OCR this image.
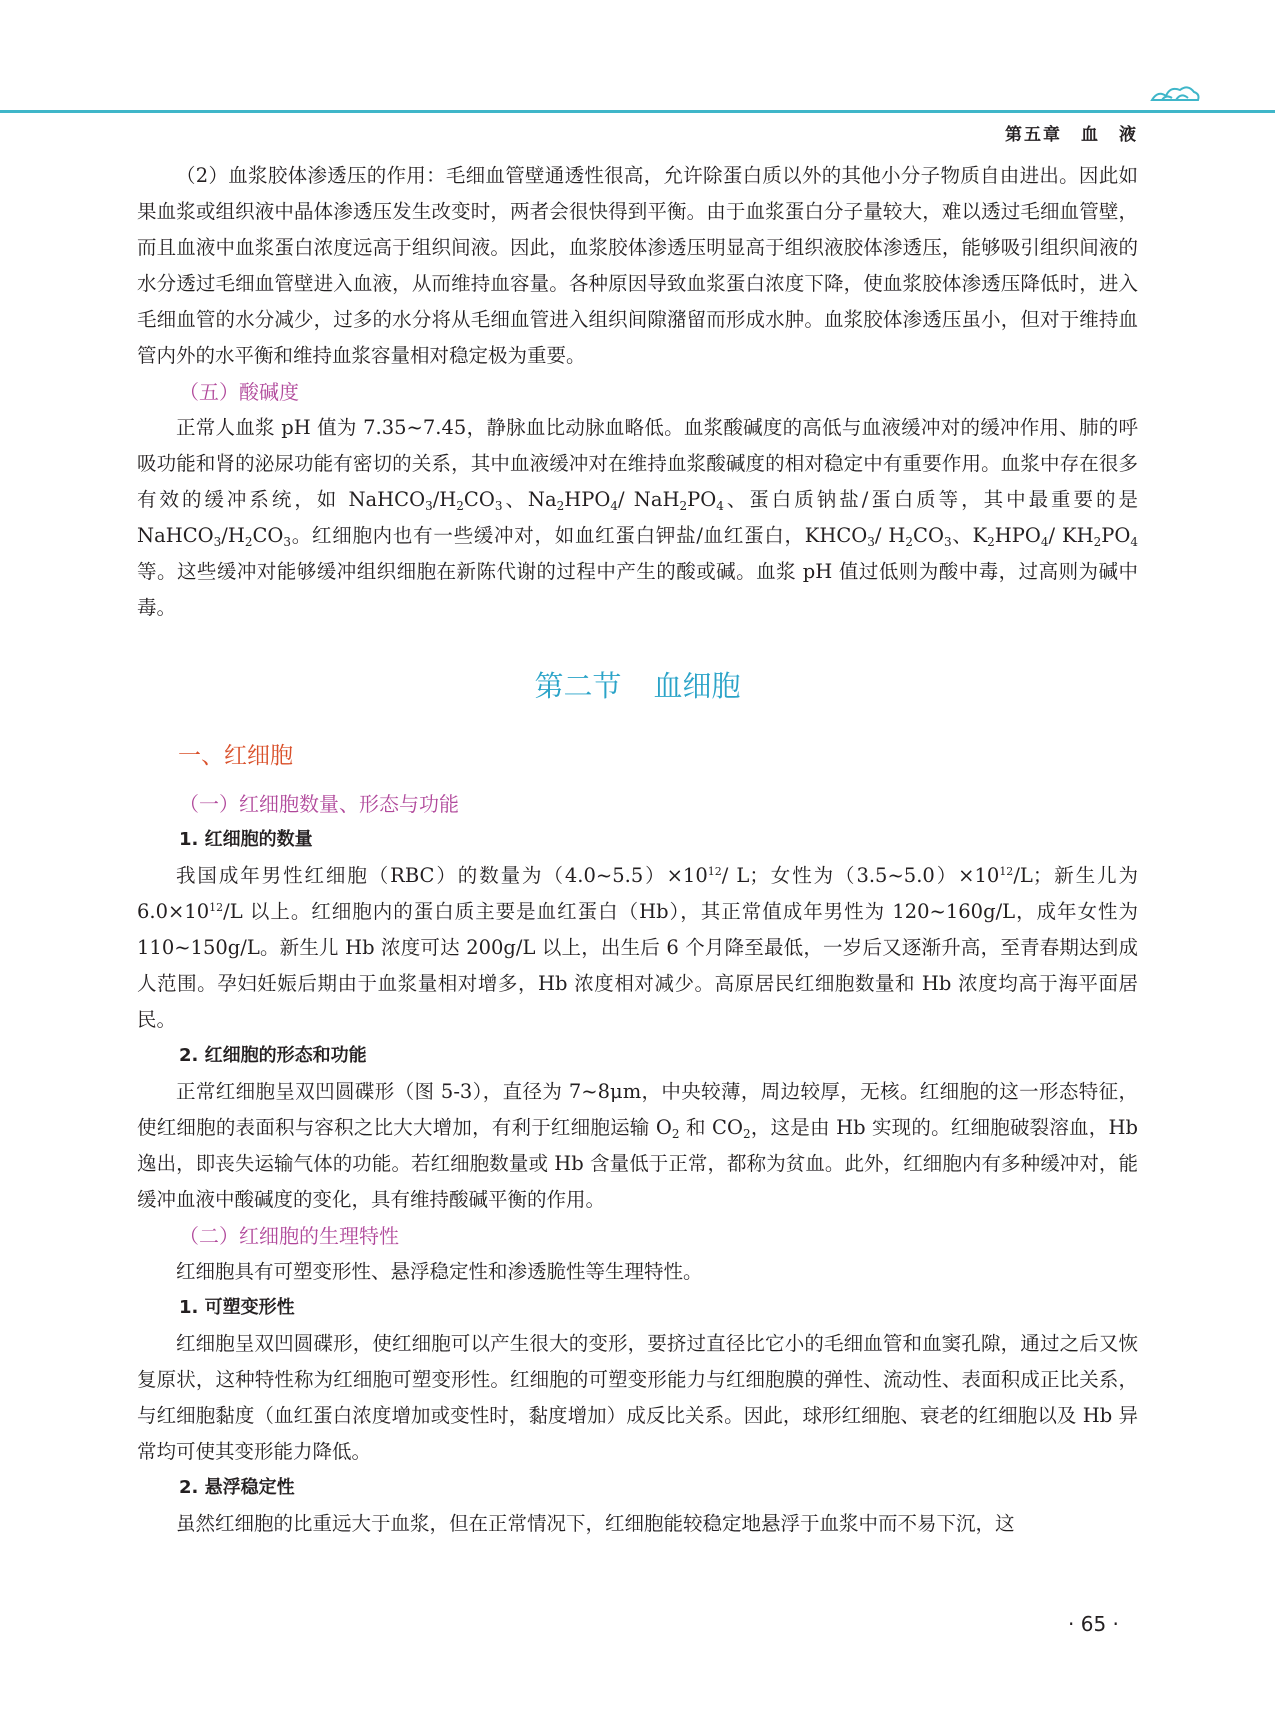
第五章　血　液

（2）血浆胶体渗透压的作用：毛细血管壁通透性很高，允许除蛋白质以外的其他小分子物质自由进出。因此如果血浆或组织液中晶体渗透压发生改变时，两者会很快得到平衡。由于血浆蛋白分子量较大，难以透过毛细血管壁，而且血液中血浆蛋白浓度远高于组织间液。因此，血浆胶体渗透压明显高于组织液胶体渗透压，能够吸引组织间液的水分透过毛细血管壁进入血液，从而维持血容量。各种原因导致血浆蛋白浓度下降，使血浆胶体渗透压降低时，进入毛细血管的水分减少，过多的水分将从毛细血管进入组织间隙潴留而形成水肿。血浆胶体渗透压虽小，但对于维持血管内外的水平衡和维持血浆容量相对稳定极为重要。

（五）酸碱度

正常人血浆 pH 值为 7.35~7.45，静脉血比动脉血略低。血浆酸碱度的高低与血液缓冲对的缓冲作用、肺的呼吸功能和肾的泌尿功能有密切的关系，其中血液缓冲对在维持血浆酸碱度的相对稳定中有重要作用。血浆中存在很多有效的缓冲系统，如 $NaHCO_3/H_2CO_3$、$Na_2HPO_4/$ $NaH_2PO_4$、蛋白质钠盐/蛋白质等，其中最重要的是 $NaHCO_3/H_2CO_3$。红细胞内也有一些缓冲对，如血红蛋白钾盐/血红蛋白，$KHCO_3/$ $H_2CO_3$、$K_2HPO_4/$ $KH_2PO_4$ 等。这些缓冲对能够缓冲组织细胞在新陈代谢的过程中产生的酸或碱。血浆 pH 值过低则为酸中毒，过高则为碱中毒。

第二节 血细胞
一、红细胞

（一）红细胞数量、形态与功能

1. 红细胞的数量

我国成年男性红细胞（RBC）的数量为$(4.0\sim 5.5)\times 10^{12}/$ L；女性为$(3.5\sim 5.0)\times 10^{12}/L$；新生儿为 $6.0\times 10^{12}/L$ 以上。红细胞内的蛋白质主要是血红蛋白（Hb），其正常值成年男性为 120~160g/L，成年女性为 110~150g/L。新生儿 Hb 浓度可达 200g/L 以上，出生后 6 个月降至最低，一岁后又逐渐升高，至青春期达到成人范围。孕妇妊娠后期由于血浆量相对增多，Hb 浓度相对减少。高原居民红细胞数量和 Hb 浓度均高于海平面居民。

2. 红细胞的形态和功能

正常红细胞呈双凹圆碟形（图 5-3），直径为 7~8μm，中央较薄，周边较厚，无核。红细胞的这一形态特征，使红细胞的表面积与容积之比大大增加，有利于红细胞运输 $O_2$ 和 $CO_2$，这是由 Hb 实现的。红细胞破裂溶血，Hb 逸出，即丧失运输气体的功能。若红细胞数量或 Hb 含量低于正常，都称为贫血。此外，红细胞内有多种缓冲对，能缓冲血液中酸碱度的变化，具有维持酸碱平衡的作用。

（二）红细胞的生理特性

红细胞具有可塑变形性、悬浮稳定性和渗透脆性等生理特性。

1. 可塑变形性

红细胞呈双凹圆碟形，使红细胞可以产生很大的变形，要挤过直径比它小的毛细血管和血窦孔隙，通过之后又恢复原状，这种特性称为红细胞可塑变形性。红细胞的可塑变形能力与红细胞膜的弹性、流动性、表面积成正比关系，与红细胞黏度（血红蛋白浓度增加或变性时，黏度增加）成反比关系。因此，球形红细胞、衰老的红细胞以及 Hb 异常均可使其变形能力降低。

2. 悬浮稳定性

虽然红细胞的比重远大于血浆，但在正常情况下，红细胞能较稳定地悬浮于血浆中而不易下沉，这

· 65 ·
